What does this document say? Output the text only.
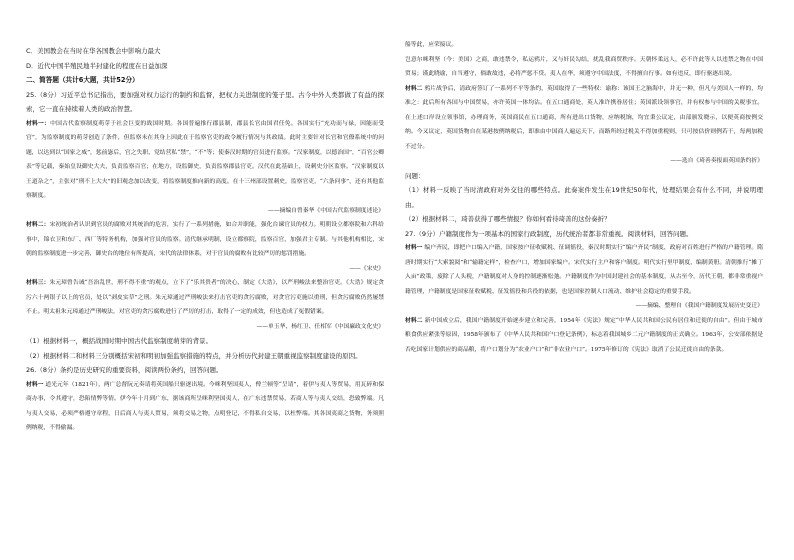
C．美国教会在当时在华各国教会中影响力最大

D．近代中国半殖民地半封建化的程度在日益加深

二、简答题（共计6大题，共计52分）

25.（8分）习近平总书记指出，要加强对权力运行的制约和监督，把权力关进制度的笼子里。古今中外人类都做了有益的探索，它一直在持续着人类的政治智慧。

材料一：中国古代监察制度萌芽于社会巨变的战国时期。各国普遍推行郡县制，郡县长官由国君任免。各国实行“充功而与禄，因能而受官”，为监察制度的萌芽创造了条件，但监察未在其身上因此在于监察官吏的政令履行情况与其政绩。此时主要针对长官和官僚系统中的问题，以达到以“国家之威”，惩前毖后，官之失职、党结营私“禁”，“不”等；使秦汉时期的官员进行监察。“汉家制度，以德治国”，“百官公卿表”等记载，秦始皇设御史大夫，负责监察百官；在地方，设监御史，负责监察郡县官吏。汉代在此基础上，设刺史分区监察。“汉家制度以王道杂之”，主张对“刑不上大夫”的旧观念加以改变，将监察制度推向新的高度。在十三州部设置刺史，监察官吏，“六条问事”，还有其他监察制度。

——摘编自曾秦华《中国古代监察制度述论》

材料二：宋初统治者认识到官员的腐败对其统治的危害，实行了一系列措施，如合并职能，强化台谏官员的权力。明朝设立都察院和六科给事中，锦衣卫和东厂、西厂等特务机构，加强对官员的监察。清代继承明制，设立都察院，监察百官，加强君主专制。与其他机构相比，宋朝的监察制度进一步完善，御史台的地位有所提高，宋代的法律体系，对于官员的腐败有比较严厉的惩罚措施。

——《宋史》

材料三：朱元璋曾告诫“吾治乱世，刑不得不重”的观点，立下了“乐其贵者”的决心，制定《大诰》，以严刑峻法来整治官吏。《大诰》规定贪污六十两银子以上的官员，处以“剥皮实草”之刑。朱元璋通过严刑峻法来打击官吏的贪污腐败，对贪官污吏施以重刑，但贪污腐败仍然屡禁不止。明太祖朱元璋通过严刑峻法，对官吏的贪污腐败进行了严厉的打击，取得了一定的成效，但也造成了冤假错案。

——单玉华、杨红卫、任相军《中国廉政文化史》

（1）根据材料一，概括战国时期中国古代监察制度萌芽的背景。

（2）根据材料二和材料三分别概括宋初和明初加强监察措施的特点，并分析历代封建王朝重视监察制度建设的原因。

26.（8分）条约是历史研究的重要资料，阅读两份条约，回答问题。

材料一 道光元年（1821年），两广总督阮元奏请将英国船只驱逐出境。今咪利坚国夷人，俾兰顿等“呈请”，着伊与夷人等贸易，用瓦碎和保商办事，令其遵守，恐陷情弊等情。伊今年十月到广东，据该商所呈咪利坚国夷人，在广东违禁贸易，若商人等与夷人交结，恐致弊端。凡与夷人交易，必须严格遵守章程，日后商人与夷人贸易，须将交易之物，点明登记，不得私自交易，以杜弊端。其各国夷商之货物，务须照例纳税，不得偷漏。

船等此，应荣接议。

岂意尔咪利坚（今：美国）之商，敢违禁令，私运鸦片，又与奸民勾结，扰乱我商贸秩序。天朝怀柔远人，必不许此等人以违禁之物在中国贸易；谨此晓谕，自当遵守，倘敢故违，必将严惩不贷。夷人在华，须遵守中国法度，不得擅自行事。如有违反，即行驱逐出境。

材料二 鸦片战争后，清政府签订了一系列不平等条约，英国取得了一些特权：谕称：该国王之脑海中，并无一种，但凡与美国人一样的，均准之：此后所有各国与中国贸易，亦许英国一体均沾。在五口通商处，英人准许携眷居住；英国派设领事官，并有权参与中国的关税事宜。在上述口岸设立领事馆，办理商务，英国商民在五口通商，所有进出口货物，应纳税饷，均宜秉公议定，由部颁发晓示，以便英商按例交纳。今又议定，英国货物自在某港按例纳税后，即准由中国商人遍运天下，而路所经过税关不得加重税则，只可按估价则例若干，每两加税不过分。

——选自《琦善奏报面英国条约折》

问题：

（1）材料一反映了当时清政府对外交往的哪些特点。此奏案件发生在19世纪50年代，处理结果会有什么不同，并说明理由。

（2）根据材料二，琦善获得了哪些情报？你如何看待琦善的这份奏折？

27.（9分）户籍制度作为一项基本的国家行政制度，历代统治者都非常重视。阅读材料，回答问题。

材料一 编户齐民，即把户口编入户籍，国家按户征收赋税、征调徭役，秦汉时期实行“编户齐民”制度，政府对百姓进行严格的户籍管理。隋唐时期实行“大索貌阅”和“输籍定样”，检查户口，增加国家编户。宋代实行主户和客户制度。明代实行里甲制度，编制黄册。清朝推行“摊丁入亩”政策，废除了人头税，户籍制度对人身的控制逐渐松弛。户籍制度作为中国封建社会的基本制度，从古至今，历代王朝，都非常重视户籍管理，户籍制度是国家征收赋税、征发徭役和兵役的依据，也是国家控制人口流动、维护社会稳定的重要手段。

——摘编、整理自《我国户籍制度发展历史变迁》

材料二 新中国成立后，我国户籍制度开始逐步建立和完善，1954年《宪法》规定“中华人民共和国公民有居住和迁徙的自由”。但由于城市粮食供应紧张等原因，1958年颁布了《中华人民共和国户口登记条例》，标志着我国城乡二元户籍制度的正式确立。1963年，公安部依据是否吃国家计划供应的商品粮，将户口划分为“农业户口”和“非农业户口”。1975年修订的《宪法》取消了公民迁徙自由的条款。
